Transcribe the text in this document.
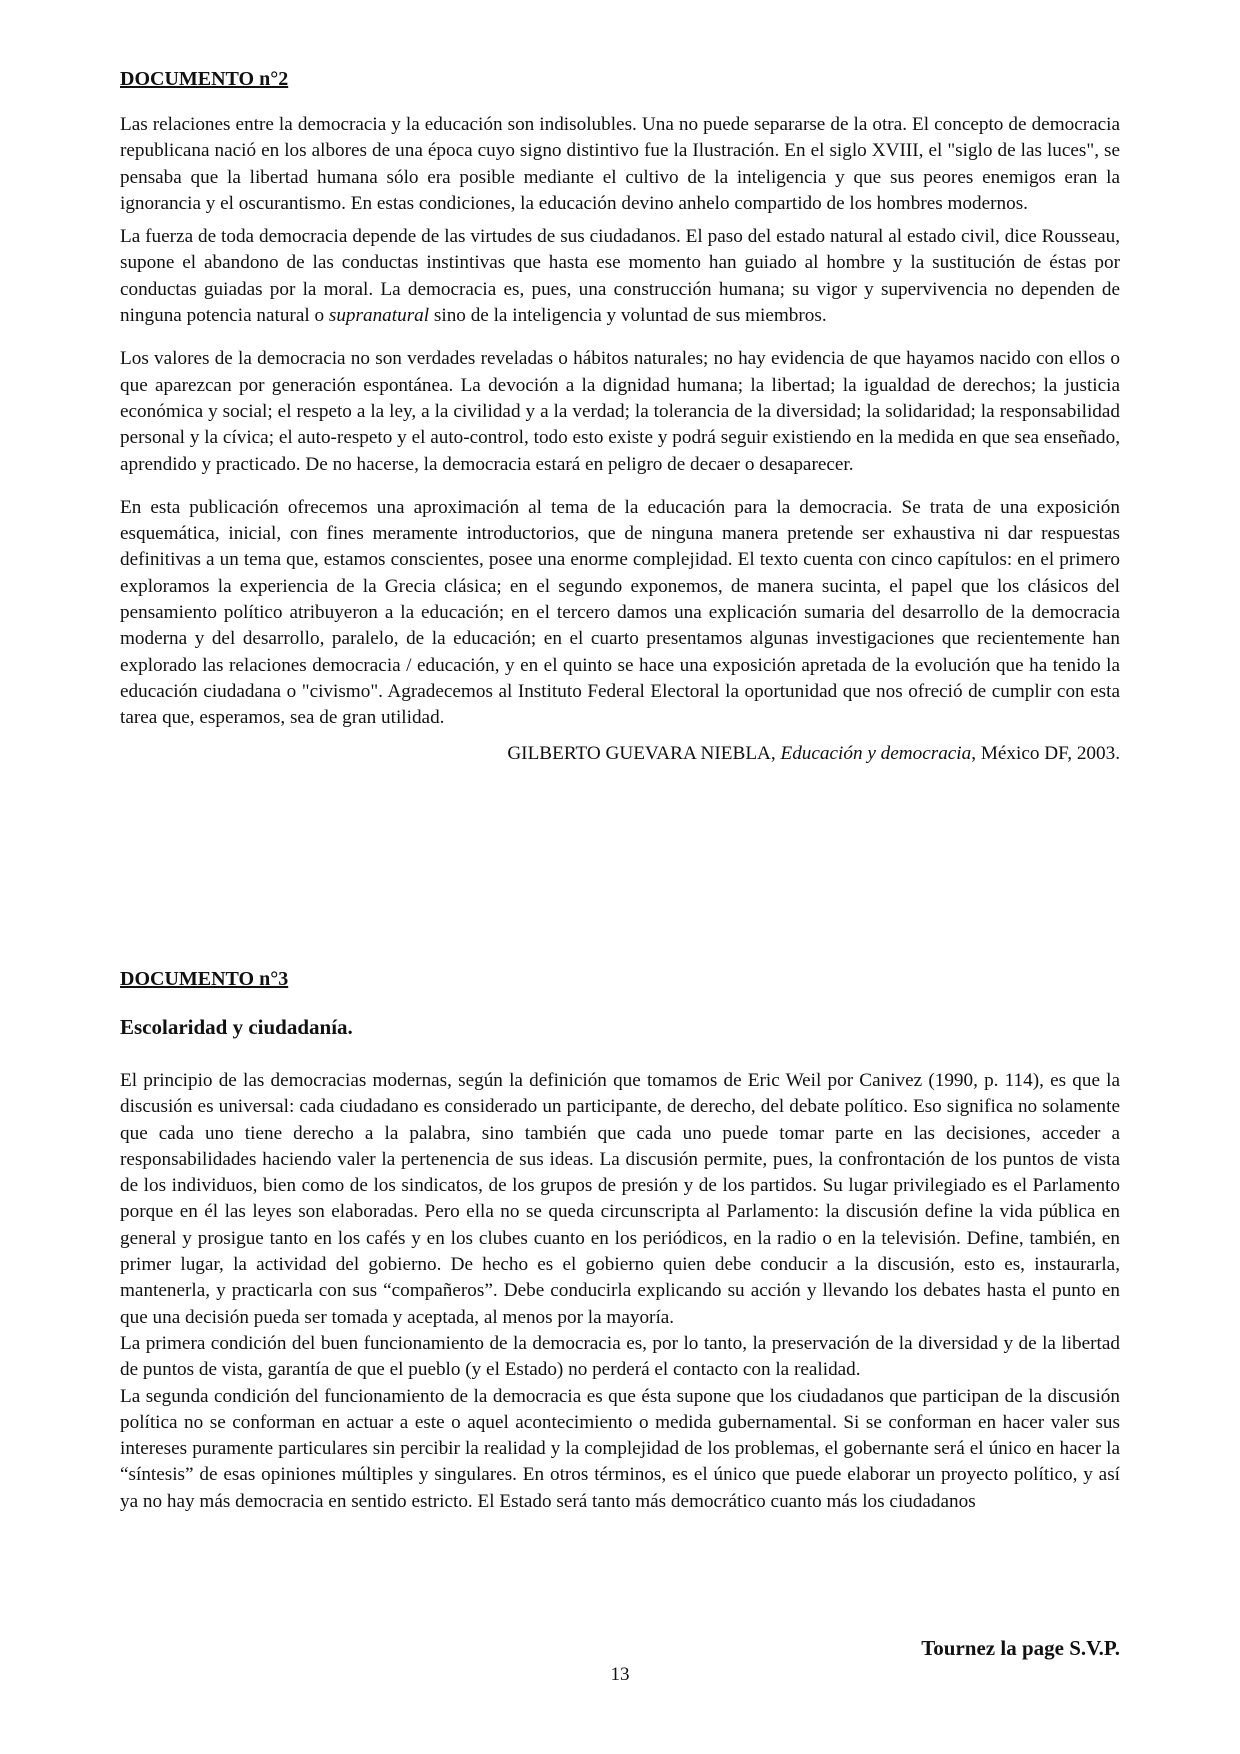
DOCUMENTO n°2

Las relaciones entre la democracia y la educación son indisolubles. Una no puede separarse de la otra. El concepto de democracia republicana nació en los albores de una época cuyo signo distintivo fue la Ilustración. En el siglo XVIII, el "siglo de las luces", se pensaba que la libertad humana sólo era posible mediante el cultivo de la inteligencia y que sus peores enemigos eran la ignorancia y el oscurantismo. En estas condiciones, la educación devino anhelo compartido de los hombres modernos.

La fuerza de toda democracia depende de las virtudes de sus ciudadanos. El paso del estado natural al estado civil, dice Rousseau, supone el abandono de las conductas instintivas que hasta ese momento han guiado al hombre y la sustitución de éstas por conductas guiadas por la moral. La democracia es, pues, una construcción humana; su vigor y supervivencia no dependen de ninguna potencia natural o supranatural sino de la inteligencia y voluntad de sus miembros.

Los valores de la democracia no son verdades reveladas o hábitos naturales; no hay evidencia de que hayamos nacido con ellos o que aparezcan por generación espontánea. La devoción a la dignidad humana; la libertad; la igualdad de derechos; la justicia económica y social; el respeto a la ley, a la civilidad y a la verdad; la tolerancia de la diversidad; la solidaridad; la responsabilidad personal y la cívica; el auto-respeto y el auto-control, todo esto existe y podrá seguir existiendo en la medida en que sea enseñado, aprendido y practicado. De no hacerse, la democracia estará en peligro de decaer o desaparecer.

En esta publicación ofrecemos una aproximación al tema de la educación para la democracia. Se trata de una exposición esquemática, inicial, con fines meramente introductorios, que de ninguna manera pretende ser exhaustiva ni dar respuestas definitivas a un tema que, estamos conscientes, posee una enorme complejidad. El texto cuenta con cinco capítulos: en el primero exploramos la experiencia de la Grecia clásica; en el segundo exponemos, de manera sucinta, el papel que los clásicos del pensamiento político atribuyeron a la educación; en el tercero damos una explicación sumaria del desarrollo de la democracia moderna y del desarrollo, paralelo, de la educación; en el cuarto presentamos algunas investigaciones que recientemente han explorado las relaciones democracia / educación, y en el quinto se hace una exposición apretada de la evolución que ha tenido la educación ciudadana o "civismo". Agradecemos al Instituto Federal Electoral la oportunidad que nos ofreció de cumplir con esta tarea que, esperamos, sea de gran utilidad.

GILBERTO GUEVARA NIEBLA, Educación y democracia, México DF, 2003.
DOCUMENTO n°3
Escolaridad y ciudadanía.

El principio de las democracias modernas, según la definición que tomamos de Eric Weil por Canivez (1990, p. 114), es que la discusión es universal: cada ciudadano es considerado un participante, de derecho, del debate político. Eso significa no solamente que cada uno tiene derecho a la palabra, sino también que cada uno puede tomar parte en las decisiones, acceder a responsabilidades haciendo valer la pertenencia de sus ideas. La discusión permite, pues, la confrontación de los puntos de vista de los individuos, bien como de los sindicatos, de los grupos de presión y de los partidos. Su lugar privilegiado es el Parlamento porque en él las leyes son elaboradas. Pero ella no se queda circunscripta al Parlamento: la discusión define la vida pública en general y prosigue tanto en los cafés y en los clubes cuanto en los periódicos, en la radio o en la televisión. Define, también, en primer lugar, la actividad del gobierno. De hecho es el gobierno quien debe conducir a la discusión, esto es, instaurarla, mantenerla, y practicarla con sus “compañeros”. Debe conducirla explicando su acción y llevando los debates hasta el punto en que una decisión pueda ser tomada y aceptada, al menos por la mayoría.

La primera condición del buen funcionamiento de la democracia es, por lo tanto, la preservación de la diversidad y de la libertad de puntos de vista, garantía de que el pueblo (y el Estado) no perderá el contacto con la realidad.

La segunda condición del funcionamiento de la democracia es que ésta supone que los ciudadanos que participan de la discusión política no se conforman en actuar a este o aquel acontecimiento o medida gubernamental. Si se conforman en hacer valer sus intereses puramente particulares sin percibir la realidad y la complejidad de los problemas, el gobernante será el único en hacer la “síntesis” de esas opiniones múltiples y singulares. En otros términos, es el único que puede elaborar un proyecto político, y así ya no hay más democracia en sentido estricto. El Estado será tanto más democrático cuanto más los ciudadanos

Tournez la page S.V.P.
13
